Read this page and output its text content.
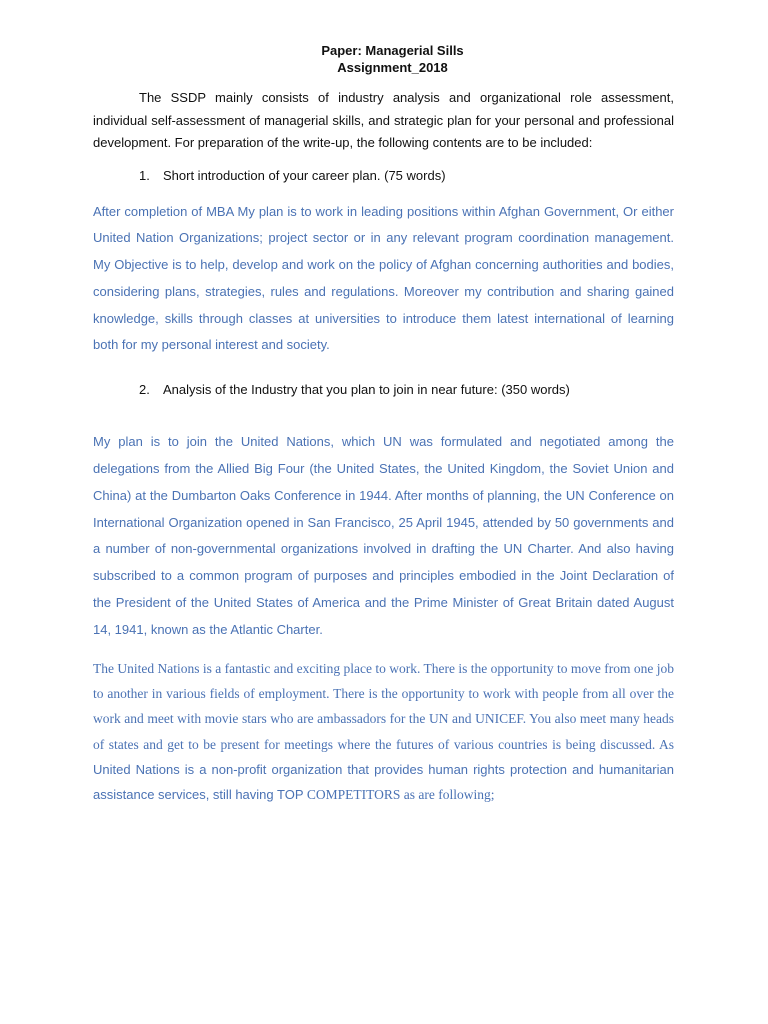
Paper: Managerial Sills
Assignment_2018
The SSDP mainly consists of industry analysis and organizational role assessment, individual self-assessment of managerial skills, and strategic plan for your personal and professional development. For preparation of the write-up, the following contents are to be included:
1. Short introduction of your career plan. (75 words)
After completion of MBA My plan is to work in leading positions within Afghan Government, Or either United Nation Organizations; project sector or in any relevant program coordination management. My Objective is to help, develop and work on the policy of Afghan concerning authorities and bodies, considering plans, strategies, rules and regulations. Moreover my contribution and sharing gained knowledge, skills through classes at universities to introduce them latest international of learning both for my personal interest and society.
2. Analysis of the Industry that you plan to join in near future: (350 words)
My plan is to join the United Nations, which UN was formulated and negotiated among the delegations from the Allied Big Four (the United States, the United Kingdom, the Soviet Union and China) at the Dumbarton Oaks Conference in 1944. After months of planning, the UN Conference on International Organization opened in San Francisco, 25 April 1945, attended by 50 governments and a number of non-governmental organizations involved in drafting the UN Charter. And also having subscribed to a common program of purposes and principles embodied in the Joint Declaration of the President of the United States of America and the Prime Minister of Great Britain dated August 14, 1941, known as the Atlantic Charter.
The United Nations is a fantastic and exciting place to work. There is the opportunity to move from one job to another in various fields of employment. There is the opportunity to work with people from all over the work and meet with movie stars who are ambassadors for the UN and UNICEF. You also meet many heads of states and get to be present for meetings where the futures of various countries is being discussed. As United Nations is a non-profit organization that provides human rights protection and humanitarian assistance services, still having TOP COMPETITORS as are following;
